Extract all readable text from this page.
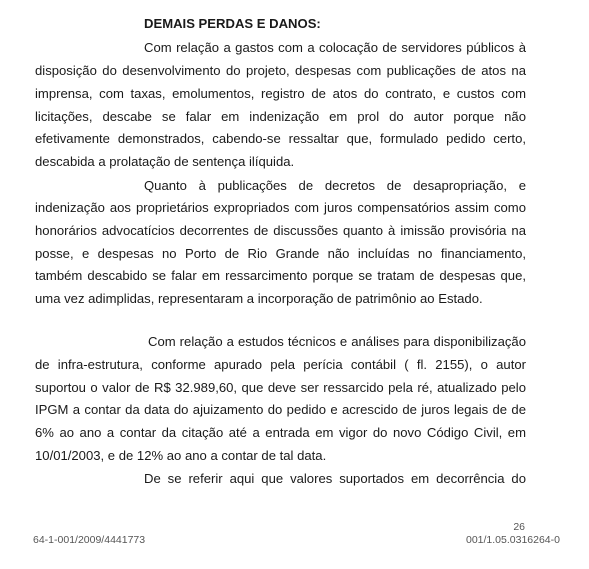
DEMAIS PERDAS E DANOS:
Com relação a gastos com a colocação de servidores públicos à
disposição do desenvolvimento do projeto, despesas com publicações de atos na
imprensa, com taxas, emolumentos, registro de atos do contrato, e custos com
licitações, descabe se falar em indenização em prol do autor porque não
efetivamente demonstrados, cabendo-se ressaltar que, formulado pedido certo,
descabida a prolatação de sentença ilíquida.
Quanto à publicações de decretos de desapropriação, e
indenização aos proprietários expropriados com juros compensatórios assim como
honorários advocatícios decorrentes de discussões quanto à imissão provisória na
posse, e despesas no Porto de Rio Grande não incluídas no financiamento,
também descabido se falar em ressarcimento porque se tratam de despesas que,
uma vez adimplidas, representaram a incorporação de patrimônio ao Estado.
Com relação a estudos técnicos e análises para disponibilização
de infra-estrutura, conforme apurado pela perícia contábil ( fl. 2155), o autor
suportou o valor de R$ 32.989,60, que deve ser ressarcido pela ré, atualizado pelo
IPGM a contar da data do ajuizamento do pedido e acrescido de juros legais de de
6% ao ano a contar da citação até a entrada em vigor do novo Código Civil, em
10/01/2003, e de 12% ao ano a contar de tal data.
De se referir aqui que valores suportados em decorrência do
26
64-1-001/2009/4441773	001/1.05.0316264-0
